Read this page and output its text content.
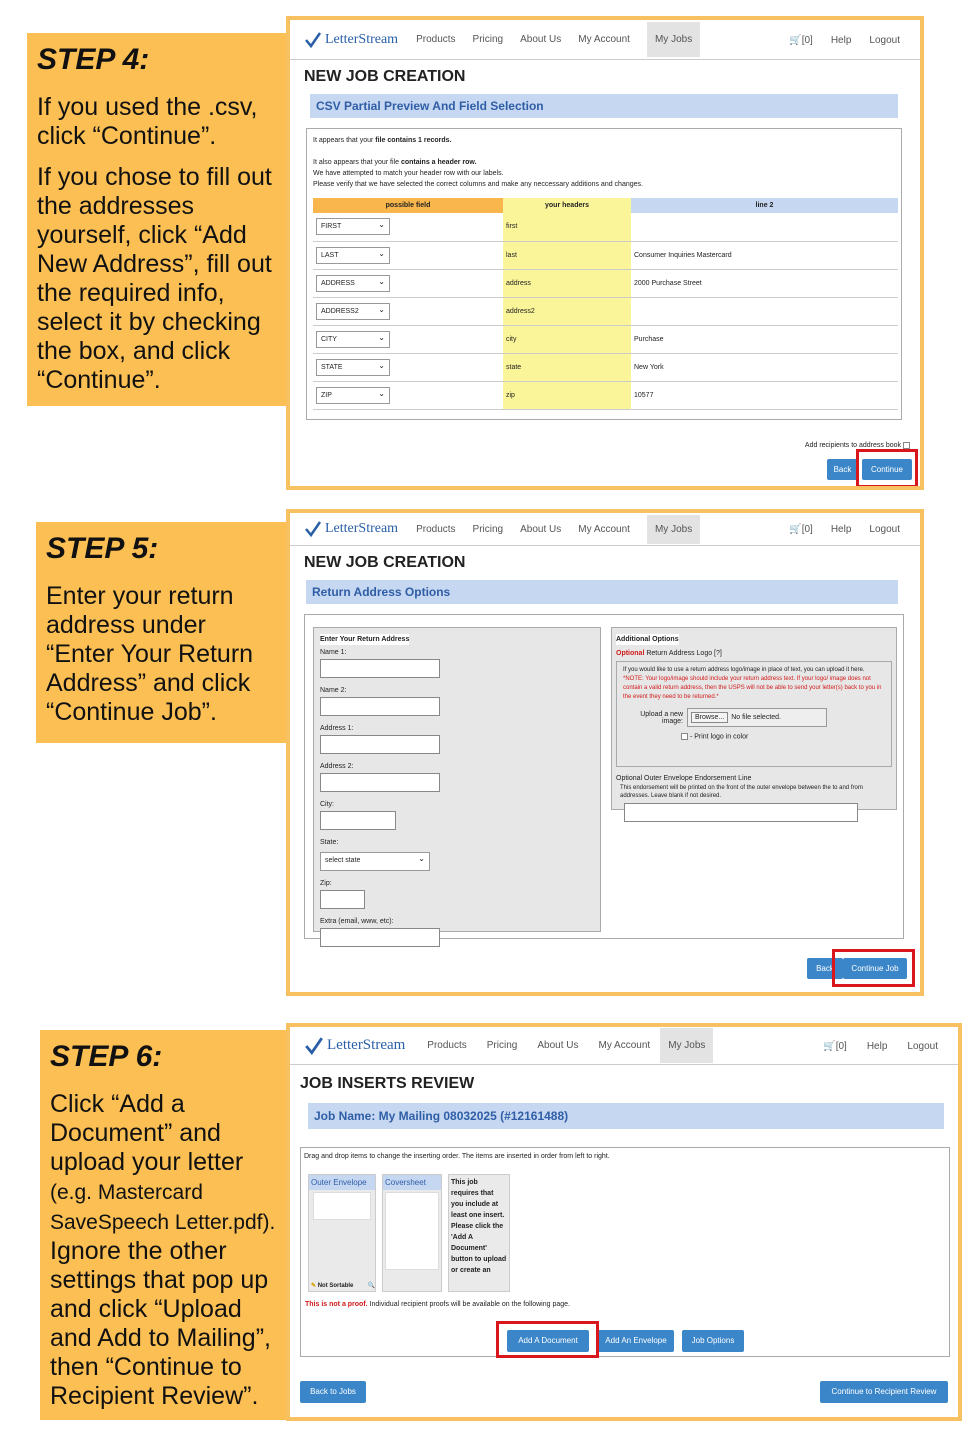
STEP 4:

If you used the .csv, click “Continue”.

If you chose to fill out the addresses yourself, click “Add New Address”, fill out the required info, select it by checking the box, and click “Continue”.

LetterStream Products Pricing About Us My Account	My Jobs	🛒[0] Help Logout
NEW JOB CREATION
CSV Partial Preview And Field Selection
It appears that your file contains 1 records.
It also appears that your file contains a header row.
We have attempted to match your header row with our labels.
Please verify that we have selected the correct columns and make any neccessary additions and changes.
possible field	your headers	line 2
FIRST ⌄	first	
LAST ⌄	last	Consumer Inquiries Mastercard
ADDRESS ⌄	address	2000 Purchase Street
ADDRESS2 ⌄	address2	
CITY ⌄	city	Purchase
STATE ⌄	state	New York
ZIP ⌄	zip	10577
Add recipients to address book
Back	Continue
STEP 5:

Enter your return address under “Enter Your Return Address” and click “Continue Job”.

LetterStream Products Pricing About Us My Account	My Jobs	🛒[0] Help Logout
NEW JOB CREATION
Return Address Options
Enter Your Return Address
Name 1:
Name 2:
Address 1:
Address 2:
City:
State:
select state ⌄
Zip:
Extra (email, www, etc):
Additional Options
Optional Return Address Logo [?]
If you would like to use a return address logo/image in place of text, you can upload it here. *NOTE: Your logo/image should include your return address text. If your logo/ image does not contain a valid return address, then the USPS will not be able to send your letter(s) back to you in the event they need to be returned.*
Upload a new image:	Browse...	No file selected.
- Print logo in color
Optional Outer Envelope Endorsement Line
This endorsement will be printed on the front of the outer envelope between the to and from addresses. Leave blank if not desired.
Back	Continue Job
STEP 6:

Click “Add a Document” and upload your letter
(e.g. Mastercard SaveSpeech Letter.pdf).

Ignore the other settings that pop up and click “Upload and Add to Mailing”, then “Continue to Recipient Review”.

LetterStream Products Pricing About Us My Account	My Jobs	🛒[0] Help Logout
JOB INSERTS REVIEW
Job Name: My Mailing 08032025 (#12161488)
Drag and drop items to change the inserting order. The items are inserted in order from left to right.
Outer Envelope
✎ Not Sortable 🔍
Coversheet	This job requires that you include at least one insert. Please click the 'Add A Document' button to upload or create an
This is not a proof. Individual recipient proofs will be available on the following page.
Add A Document	Add An Envelope	Job Options
Back to Jobs	Continue to Recipient Review
